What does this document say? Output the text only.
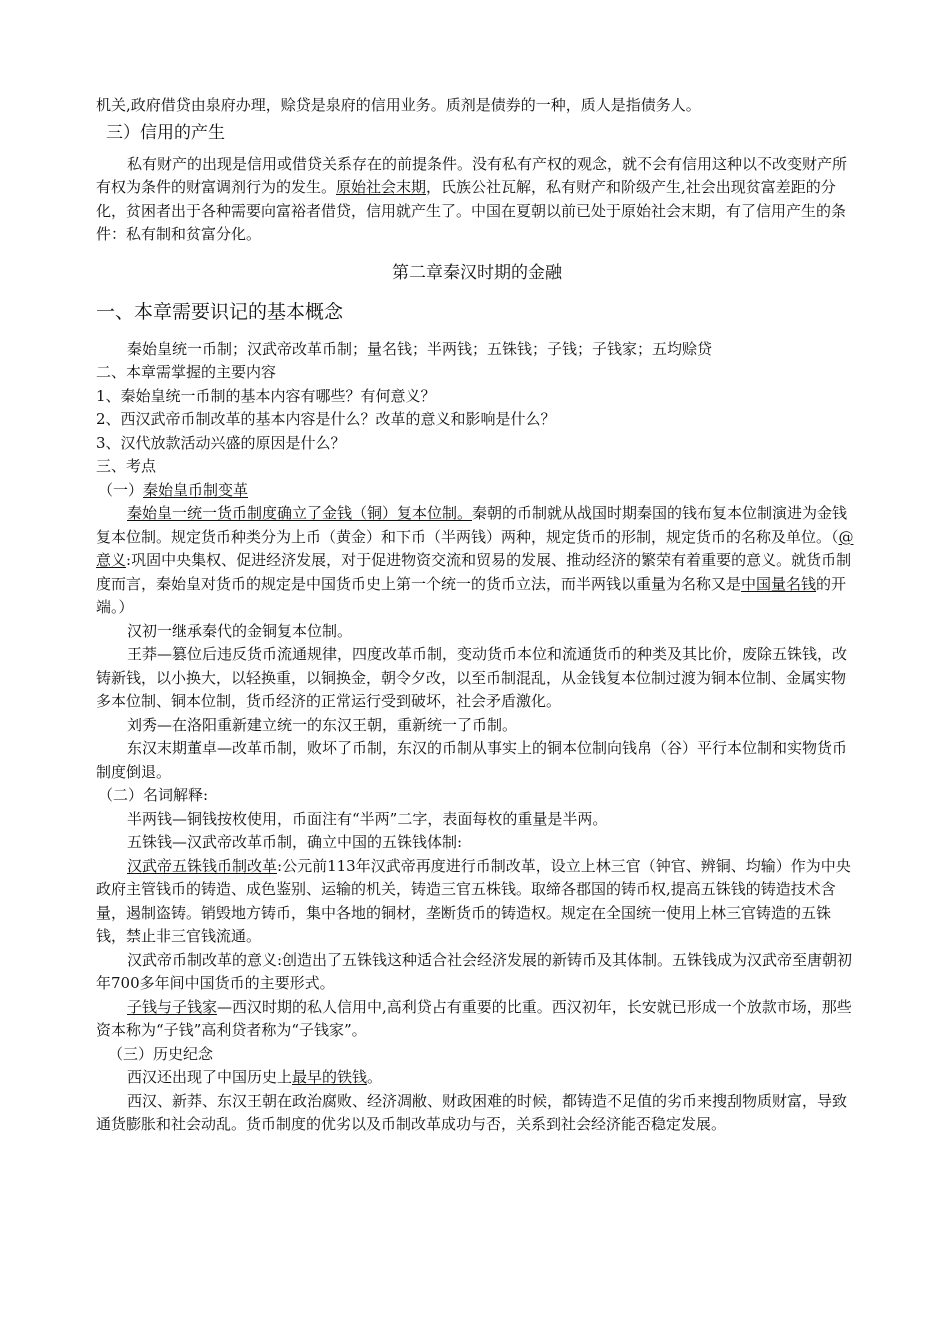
机关,政府借贷由泉府办理，赊贷是泉府的信用业务。质剂是债券的一种，质人是指债务人。

三）信用的产生

私有财产的出现是信用或借贷关系存在的前提条件。没有私有产权的观念，就不会有信用这种以不改变财产所有权为条件的财富调剂行为的发生。原始社会末期，氏族公社瓦解，私有财产和阶级产生,社会出现贫富差距的分化，贫困者出于各种需要向富裕者借贷，信用就产生了。中国在夏朝以前已处于原始社会末期，有了信用产生的条件：私有制和贫富分化。

第二章秦汉时期的金融

一、本章需要识记的基本概念

秦始皇统一币制；汉武帝改革币制；量名钱；半两钱；五铢钱；子钱；子钱家；五均赊贷

二、本章需掌握的主要内容

1、秦始皇统一币制的基本内容有哪些？有何意义？

2、西汉武帝币制改革的基本内容是什么？改革的意义和影响是什么？

3、汉代放款活动兴盛的原因是什么？

三、考点

（一）秦始皇币制变革

秦始皇一统一货币制度确立了金钱（铜）复本位制。秦朝的币制就从战国时期秦国的钱布复本位制演进为金钱复本位制。规定货币种类分为上币（黄金）和下币（半两钱）两种，规定货币的形制，规定货币的名称及单位。（@意义:巩固中央集权、促进经济发展，对于促进物资交流和贸易的发展、推动经济的繁荣有着重要的意义。就货币制度而言，秦始皇对货币的规定是中国货币史上第一个统一的货币立法，而半两钱以重量为名称又是中国量名钱的开端。）

汉初一继承秦代的金铜复本位制。

王莽—篡位后违反货币流通规律，四度改革币制，变动货币本位和流通货币的种类及其比价，废除五铢钱，改铸新钱，以小换大，以轻换重，以铜换金，朝令夕改，以至币制混乱，从金钱复本位制过渡为铜本位制、金属实物多本位制、铜本位制，货币经济的正常运行受到破坏，社会矛盾激化。

刘秀—在洛阳重新建立统一的东汉王朝，重新统一了币制。

东汉末期董卓—改革币制，败坏了币制，东汉的币制从事实上的铜本位制向钱帛（谷）平行本位制和实物货币制度倒退。

（二）名词解释:

半两钱—铜钱按枚使用，币面注有“半两”二字，表面每枚的重量是半两。

五铢钱—汉武帝改革币制，确立中国的五铢钱体制:

汉武帝五铢钱币制改革:公元前113年汉武帝再度进行币制改革，设立上林三官（钟官、辨铜、均输）作为中央政府主管钱币的铸造、成色鉴别、运输的机关，铸造三官五株钱。取缔各郡国的铸币权,提高五铢钱的铸造技术含量，遏制盗铸。销毁地方铸币，集中各地的铜材，垄断货币的铸造权。规定在全国统一使用上林三官铸造的五铢钱，禁止非三官钱流通。

汉武帝币制改革的意义:创造出了五铢钱这种适合社会经济发展的新铸币及其体制。五铢钱成为汉武帝至唐朝初年700多年间中国货币的主要形式。

子钱与子钱家—西汉时期的私人信用中,高利贷占有重要的比重。西汉初年，长安就已形成一个放款市场，那些资本称为“子钱”高利贷者称为“子钱家”。

（三）历史纪念

西汉还出现了中国历史上最早的铁钱。

西汉、新莽、东汉王朝在政治腐败、经济凋敝、财政困难的时候，都铸造不足值的劣币来搜刮物质财富，导致通货膨胀和社会动乱。货币制度的优劣以及币制改革成功与否，关系到社会经济能否稳定发展。
